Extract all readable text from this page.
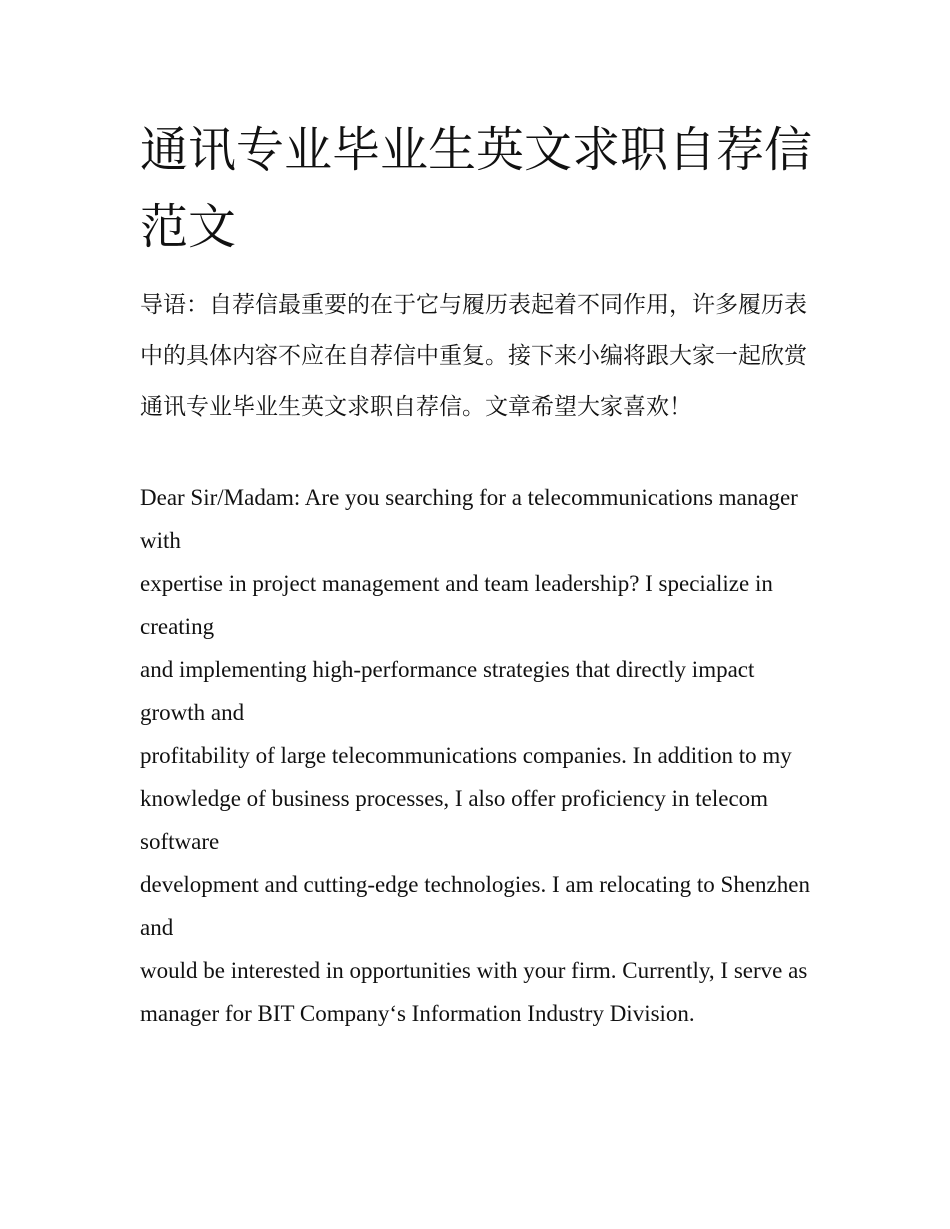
通讯专业毕业生英文求职自荐信范文

导语：自荐信最重要的在于它与履历表起着不同作用，许多履历表中的具体内容不应在自荐信中重复。接下来小编将跟大家一起欣赏通讯专业毕业生英文求职自荐信。文章希望大家喜欢！

Dear Sir/Madam: Are you searching for a telecommunications manager with
expertise in project management and team leadership? I specialize in creating
and implementing high-performance strategies that directly impact growth and
profitability of large telecommunications companies. In addition to my
knowledge of business processes, I also offer proficiency in telecom software
development and cutting-edge technologies. I am relocating to Shenzhen and
would be interested in opportunities with your firm. Currently, I serve as
manager for BIT Company‘s Information Industry Division.
